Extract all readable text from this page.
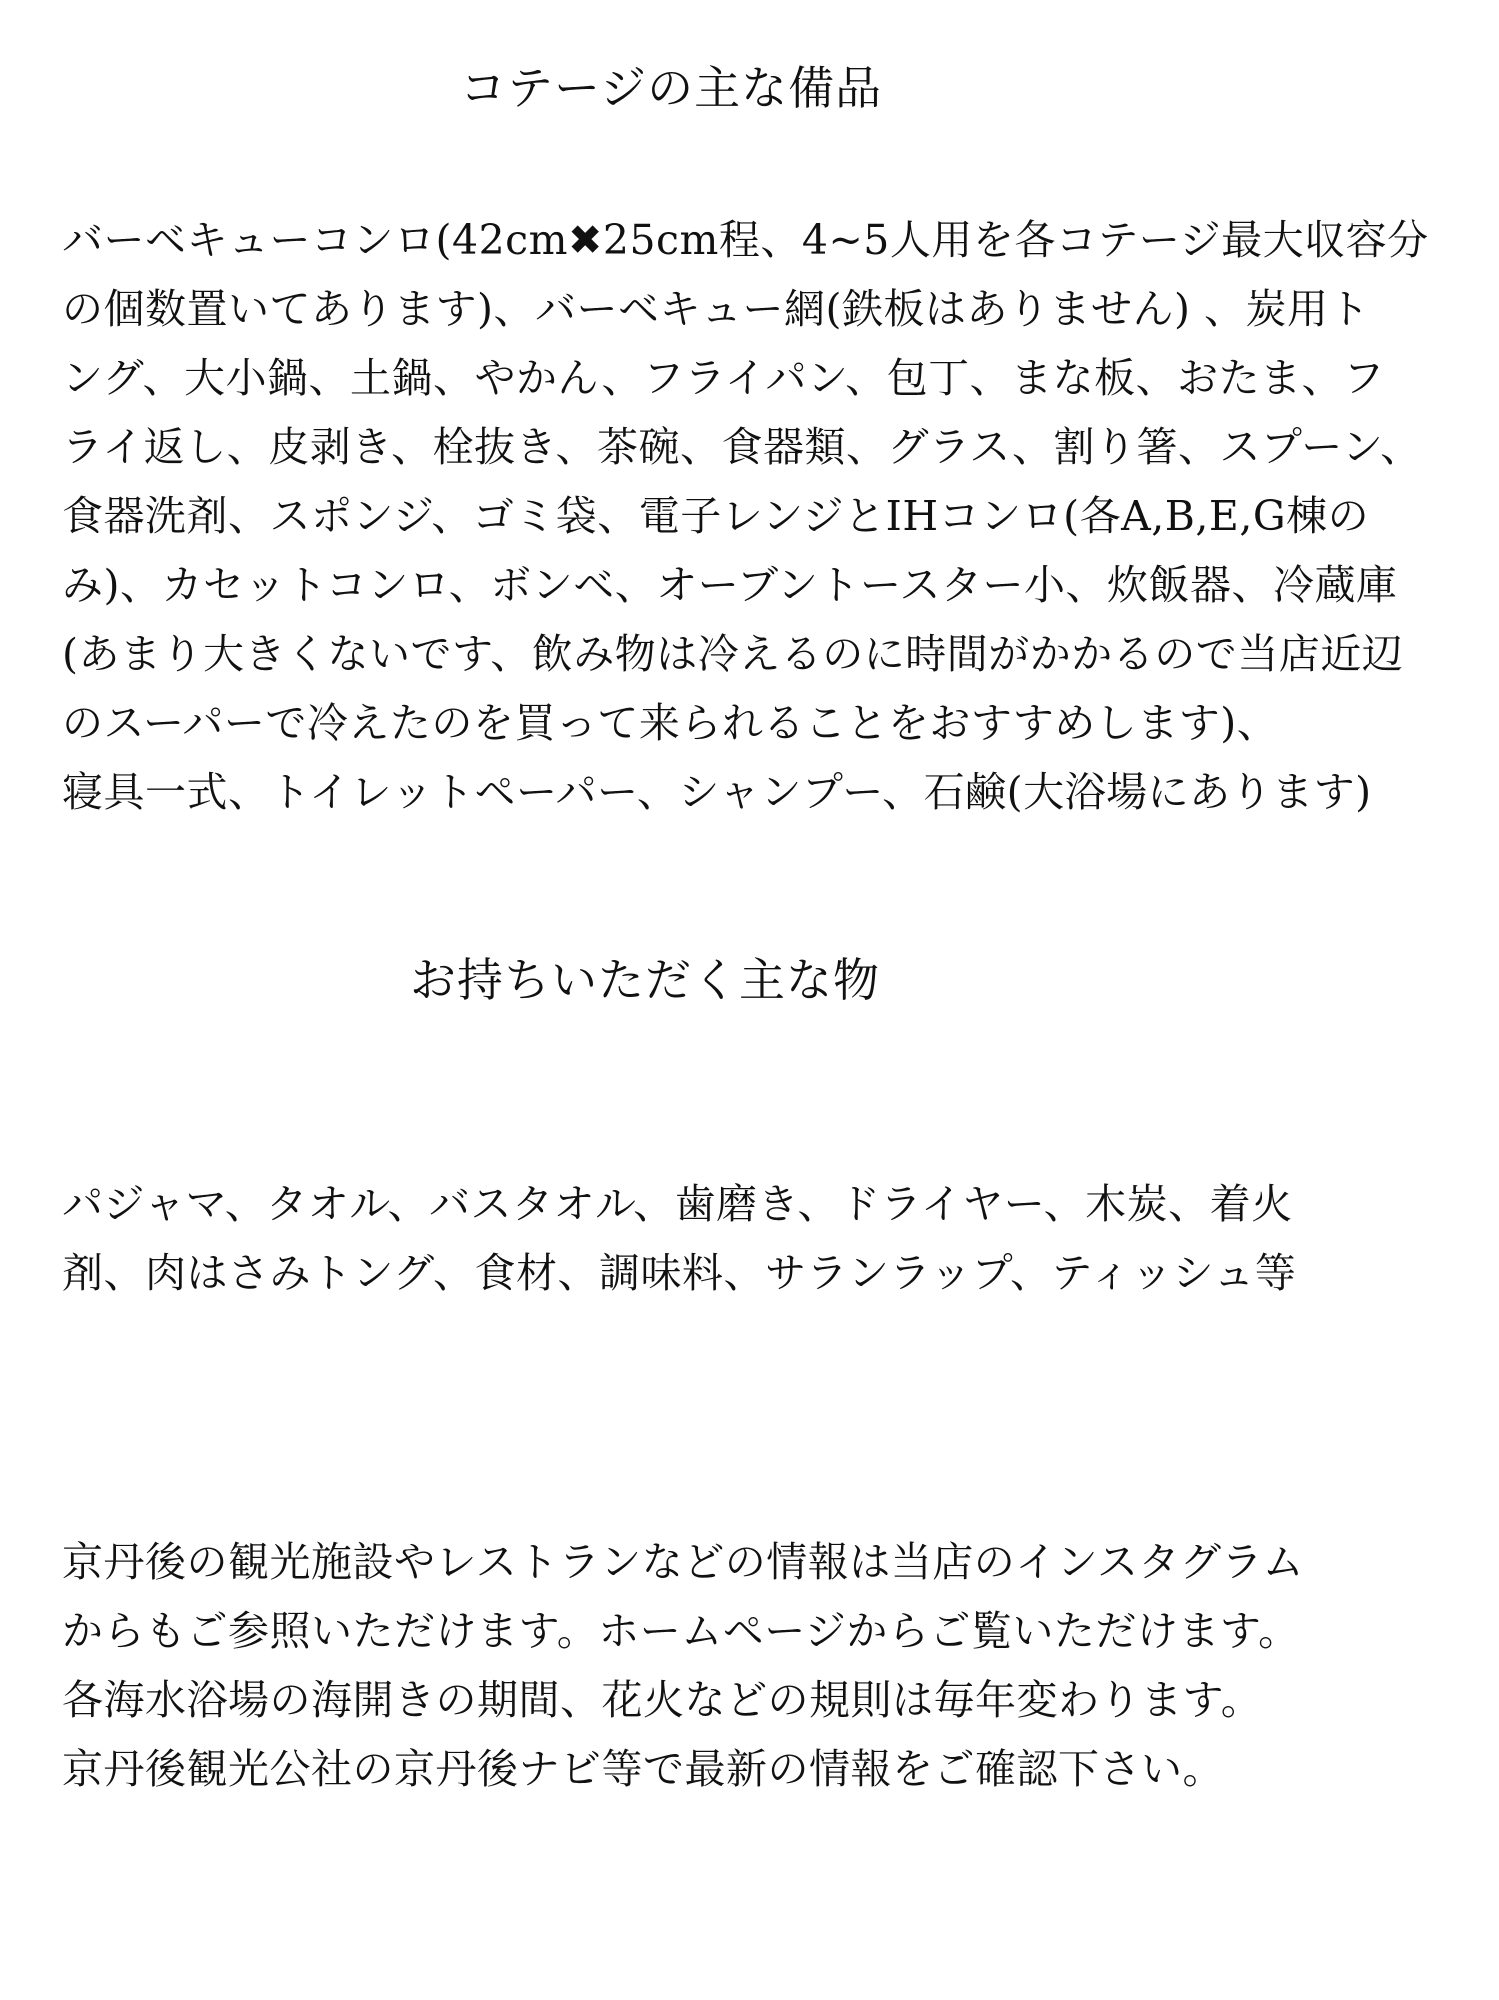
コテージの主な備品
バーベキューコンロ(42cm✖25cm程、4~5人用を各コテージ最大収容分
の個数置いてあります)、バーベキュー網(鉄板はありません) 、炭用ト
ング、大小鍋、土鍋、やかん、フライパン、包丁、まな板、おたま、フ
ライ返し、皮剥き、栓抜き、茶碗、食器類、グラス、割り箸、スプーン、
食器洗剤、スポンジ、ゴミ袋、電子レンジとIHコンロ(各A,B,E,G棟の
み)、カセットコンロ、ボンベ、オーブントースター小、炊飯器、冷蔵庫
(あまり大きくないです、飲み物は冷えるのに時間がかかるので当店近辺
のスーパーで冷えたのを買って来られることをおすすめします)、
寝具一式、トイレットペーパー、シャンプー、石鹸(大浴場にあります)
お持ちいただく主な物
パジャマ、タオル、バスタオル、歯磨き、ドライヤー、木炭、着火
剤、肉はさみトング、食材、調味料、サランラップ、ティッシュ等
京丹後の観光施設やレストランなどの情報は当店のインスタグラム
からもご参照いただけます。ホームページからご覧いただけます。
各海水浴場の海開きの期間、花火などの規則は毎年変わります。
京丹後観光公社の京丹後ナビ等で最新の情報をご確認下さい。
